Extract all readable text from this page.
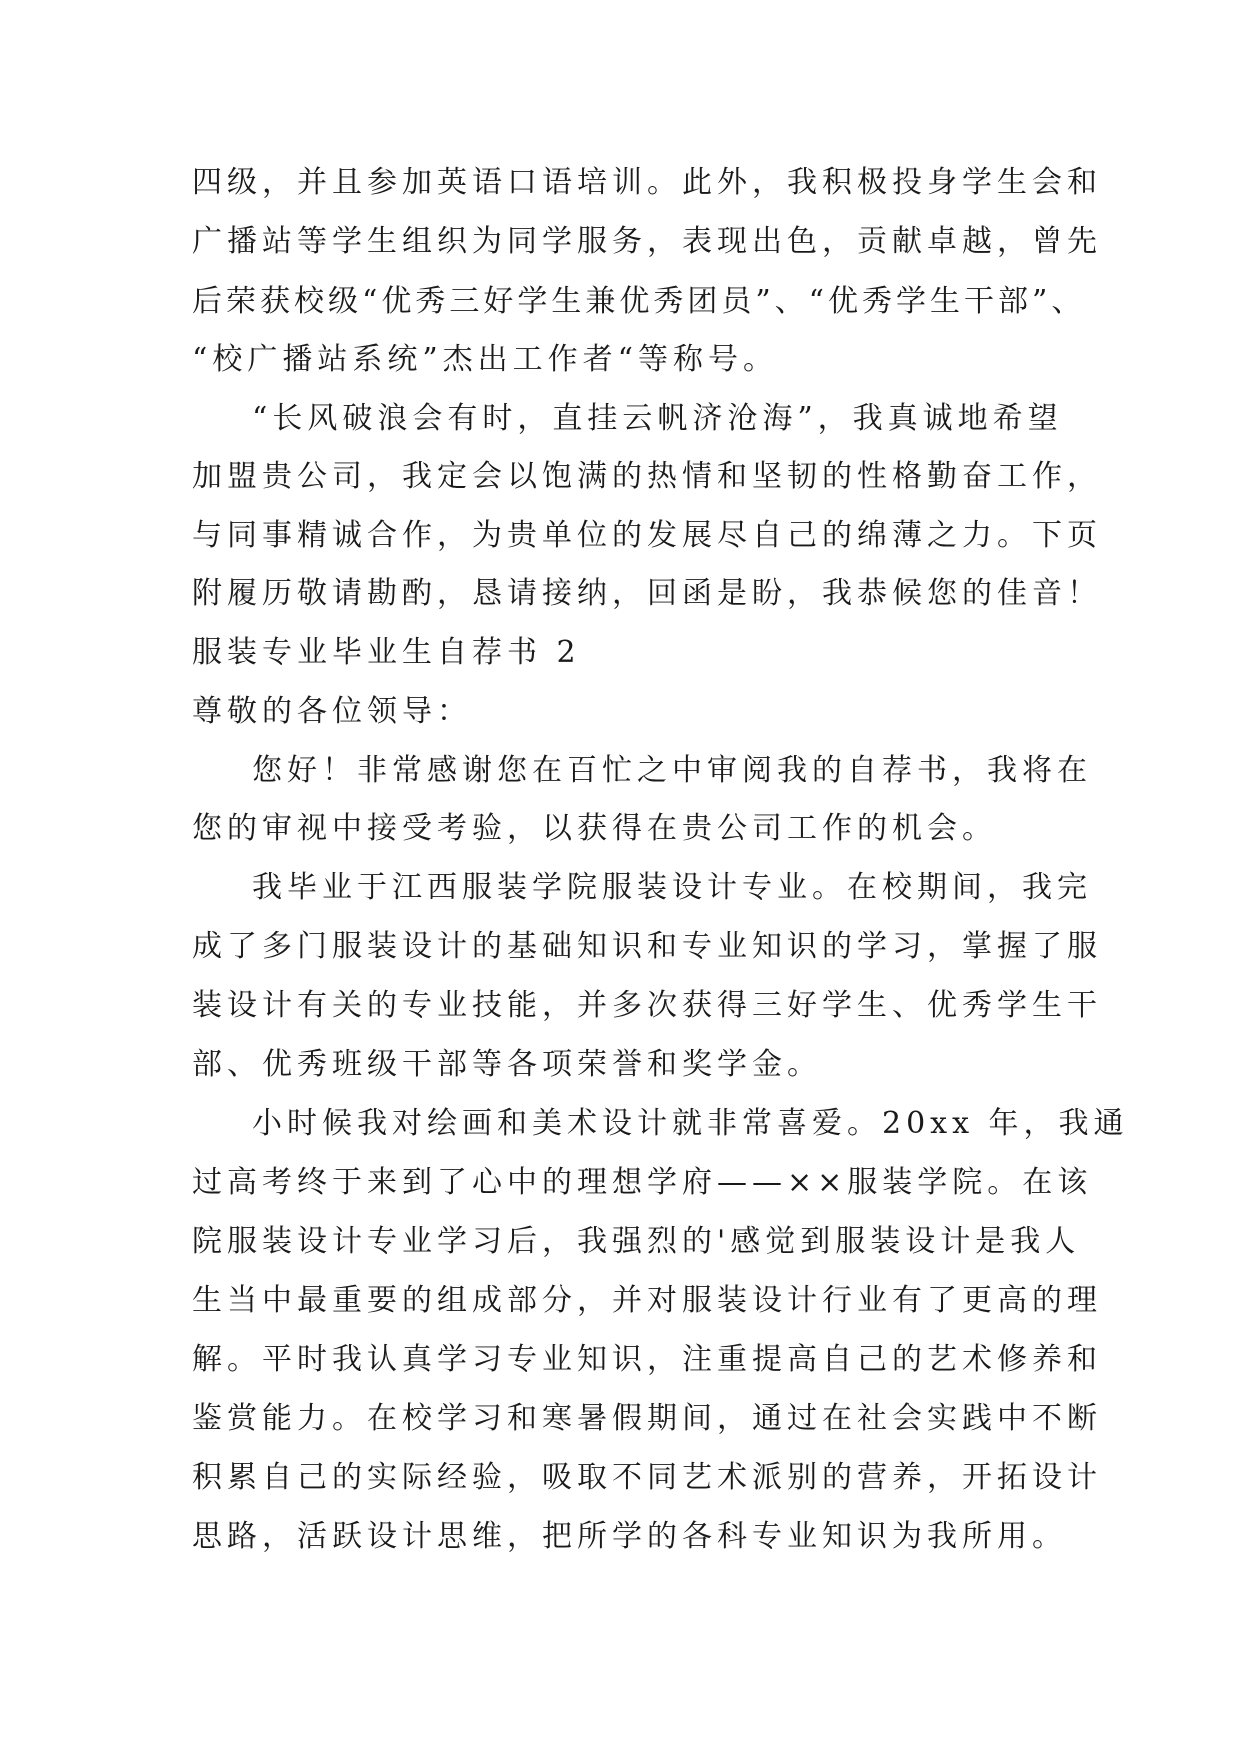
四级，并且参加英语口语培训。此外，我积极投身学生会和
广播站等学生组织为同学服务，表现出色，贡献卓越，曾先
后荣获校级“优秀三好学生兼优秀团员”、“优秀学生干部”、
“校广播站系统”杰出工作者“等称号。
“长风破浪会有时，直挂云帆济沧海”，我真诚地希望
加盟贵公司，我定会以饱满的热情和坚韧的性格勤奋工作，
与同事精诚合作，为贵单位的发展尽自己的绵薄之力。下页
附履历敬请勘酌，恳请接纳，回函是盼，我恭候您的佳音！
服装专业毕业生自荐书 2
尊敬的各位领导：
您好！非常感谢您在百忙之中审阅我的自荐书，我将在
您的审视中接受考验，以获得在贵公司工作的机会。
我毕业于江西服装学院服装设计专业。在校期间，我完
成了多门服装设计的基础知识和专业知识的学习，掌握了服
装设计有关的专业技能，并多次获得三好学生、优秀学生干
部、优秀班级干部等各项荣誉和奖学金。
小时候我对绘画和美术设计就非常喜爱。20xx 年，我通
过高考终于来到了心中的理想学府——××服装学院。在该
院服装设计专业学习后，我强烈的'感觉到服装设计是我人
生当中最重要的组成部分，并对服装设计行业有了更高的理
解。平时我认真学习专业知识，注重提高自己的艺术修养和
鉴赏能力。在校学习和寒暑假期间，通过在社会实践中不断
积累自己的实际经验，吸取不同艺术派别的营养，开拓设计
思路，活跃设计思维，把所学的各科专业知识为我所用。
